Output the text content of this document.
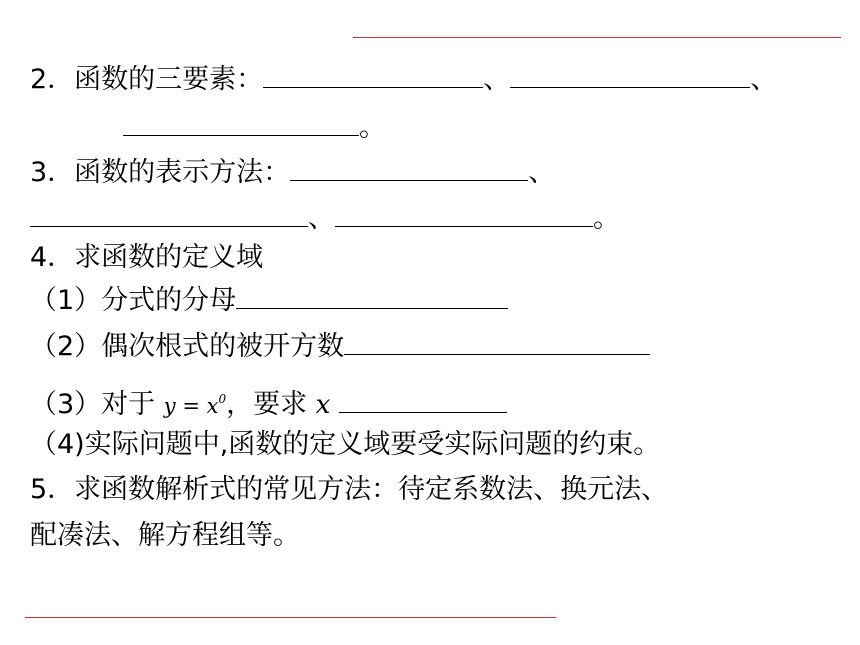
2．函数的三要素：	、	、
。
3．函数的表示方法：	、
、	。
4．求函数的定义域
（1）分式的分母
（2）偶次根式的被开方数
（3）对于 $y = x^0$，要求 x
（4)实际问题中,函数的定义域要受实际问题的约束。
5．求函数解析式的常见方法：待定系数法、换元法、
配凑法、解方程组等。
